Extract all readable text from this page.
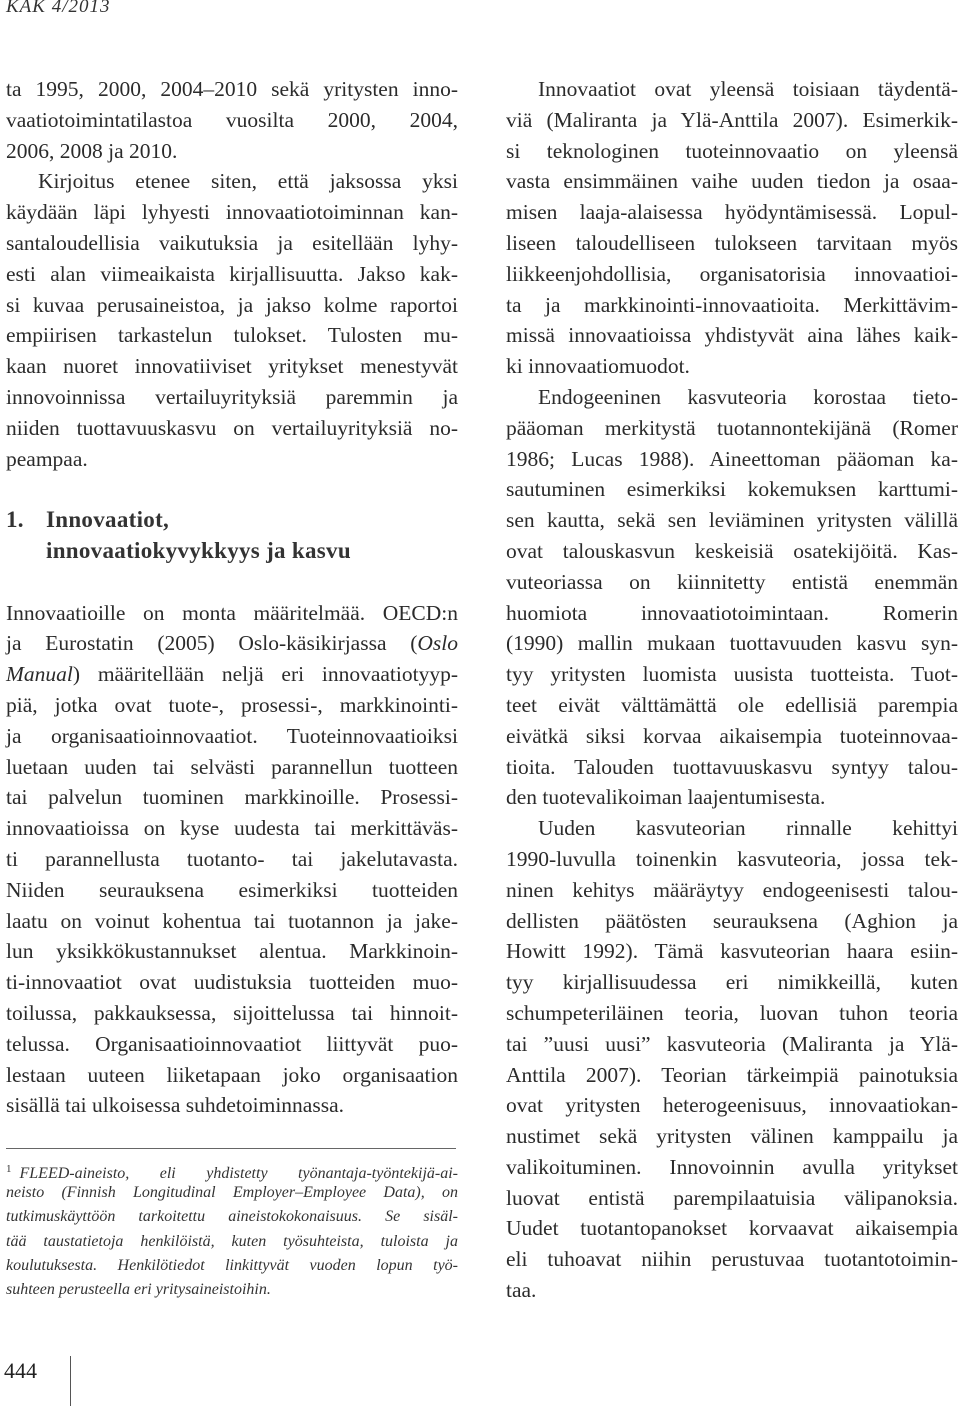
KAK 4/2013
ta 1995, 2000, 2004–2010 sekä yritysten inno-
vaatiotoimintatilastoa vuosilta 2000, 2004,
2006, 2008 ja 2010.
Kirjoitus etenee siten, että jaksossa yksi
käydään läpi lyhyesti innovaatiotoiminnan kan-
santaloudellisia vaikutuksia ja esitellään lyhy-
esti alan viimeaikaista kirjallisuutta. Jakso kak-
si kuvaa perusaineistoa, ja jakso kolme raportoi
empiirisen tarkastelun tulokset. Tulosten mu-
kaan nuoret innovatiiviset yritykset menestyvät
innovoinnissa vertailuyrityksiä paremmin ja
niiden tuottavuuskasvu on vertailuyrityksiä no-
peampaa.
1. Innovaatiot,
innovaatiokyvykkyys ja kasvu
Innovaatioille on monta määritelmää. OECD:n
ja Eurostatin (2005) Oslo-käsikirjassa (Oslo
Manual) määritellään neljä eri innovaatiotyyp-
piä, jotka ovat tuote-, prosessi-, markkinointi-
ja organisaatioinnovaatiot. Tuoteinnovaatioiksi
luetaan uuden tai selvästi parannellun tuotteen
tai palvelun tuominen markkinoille. Prosessi-
innovaatioissa on kyse uudesta tai merkittäväs-
ti parannellusta tuotanto- tai jakelutavasta.
Niiden seurauksena esimerkiksi tuotteiden
laatu on voinut kohentua tai tuotannon ja jake-
lun yksikkökustannukset alentua. Markkinoin-
ti-innovaatiot ovat uudistuksia tuotteiden muo-
toilussa, pakkauksessa, sijoittelussa tai hinnoit-
telussa. Organisaatioinnovaatiot liittyvät puo-
lestaan uuteen liiketapaan joko organisaation
sisällä tai ulkoisessa suhdetoiminnassa.
$^1$ FLEED-aineisto, eli yhdistetty työnantaja-työntekijä-ai-
neisto (Finnish Longitudinal Employer–Employee Data), on
tutkimuskäyttöön tarkoitettu aineistokokonaisuus. Se sisäl-
tää taustatietoja henkilöistä, kuten työsuhteista, tuloista ja
koulutuksesta. Henkilötiedot linkittyvät vuoden lopun työ-
suhteen perusteella eri yritysaineistoihin.
Innovaatiot ovat yleensä toisiaan täydentä-
viä (Maliranta ja Ylä-Anttila 2007). Esimerkik-
si teknologinen tuoteinnovaatio on yleensä
vasta ensimmäinen vaihe uuden tiedon ja osaa-
misen laaja-alaisessa hyödyntämisessä. Lopul-
liseen taloudelliseen tulokseen tarvitaan myös
liikkeenjohdollisia, organisatorisia innovaatioi-
ta ja markkinointi-innovaatioita. Merkittävim-
missä innovaatioissa yhdistyvät aina lähes kaik-
ki innovaatiomuodot.
Endogeeninen kasvuteoria korostaa tieto-
pääoman merkitystä tuotannontekijänä (Romer
1986; Lucas 1988). Aineettoman pääoman ka-
sautuminen esimerkiksi kokemuksen karttumi-
sen kautta, sekä sen leviäminen yritysten välillä
ovat talouskasvun keskeisiä osatekijöitä. Kas-
vuteoriassa on kiinnitetty entistä enemmän
huomiota innovaatiotoimintaan. Romerin
(1990) mallin mukaan tuottavuuden kasvu syn-
tyy yritysten luomista uusista tuotteista. Tuot-
teet eivät välttämättä ole edellisiä parempia
eivätkä siksi korvaa aikaisempia tuoteinnovaa-
tioita. Talouden tuottavuuskasvu syntyy talou-
den tuotevalikoiman laajentumisesta.
Uuden kasvuteorian rinnalle kehittyi
1990-luvulla toinenkin kasvuteoria, jossa tek-
ninen kehitys määräytyy endogeenisesti talou-
dellisten päätösten seurauksena (Aghion ja
Howitt 1992). Tämä kasvuteorian haara esiin-
tyy kirjallisuudessa eri nimikkeillä, kuten
schumpeteriläinen teoria, luovan tuhon teoria
tai ”uusi uusi” kasvuteoria (Maliranta ja Ylä-
Anttila 2007). Teorian tärkeimpiä painotuksia
ovat yritysten heterogeenisuus, innovaatiokan-
nustimet sekä yritysten välinen kamppailu ja
valikoituminen. Innovoinnin avulla yritykset
luovat entistä parempilaatuisia välipanoksia.
Uudet tuotantopanokset korvaavat aikaisempia
eli tuhoavat niihin perustuvaa tuotantotoimin-
taa.
444
